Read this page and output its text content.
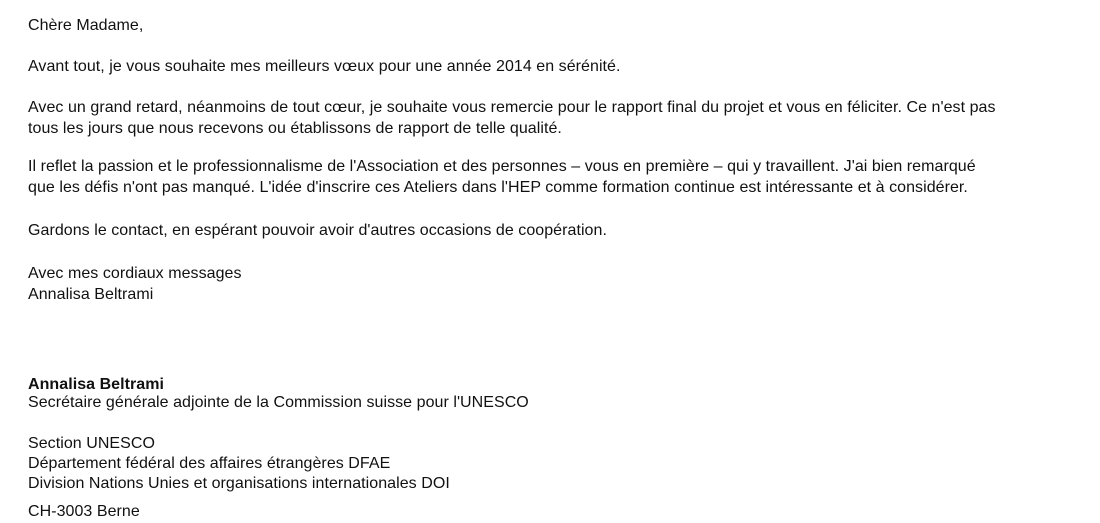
Chère Madame,
Avant tout, je vous souhaite mes meilleurs vœux pour une année 2014 en sérénité.
Avec un grand retard, néanmoins de tout cœur, je souhaite vous remercie pour le rapport final du projet et vous en féliciter. Ce n'est pas
tous les jours que nous recevons ou établissons de rapport de telle qualité.
Il reflet la passion et le professionnalisme de l'Association et des personnes – vous en première – qui y travaillent. J'ai bien remarqué
que les défis n'ont pas manqué. L'idée d'inscrire ces Ateliers dans l'HEP comme formation continue est intéressante et à considérer.
Gardons le contact, en espérant pouvoir avoir d'autres occasions de coopération.
Avec mes cordiaux messages
Annalisa Beltrami
Annalisa Beltrami
Secrétaire générale adjointe de la Commission suisse pour l'UNESCO
Section UNESCO
Département fédéral des affaires étrangères DFAE
Division Nations Unies et organisations internationales DOI
CH-3003 Berne
